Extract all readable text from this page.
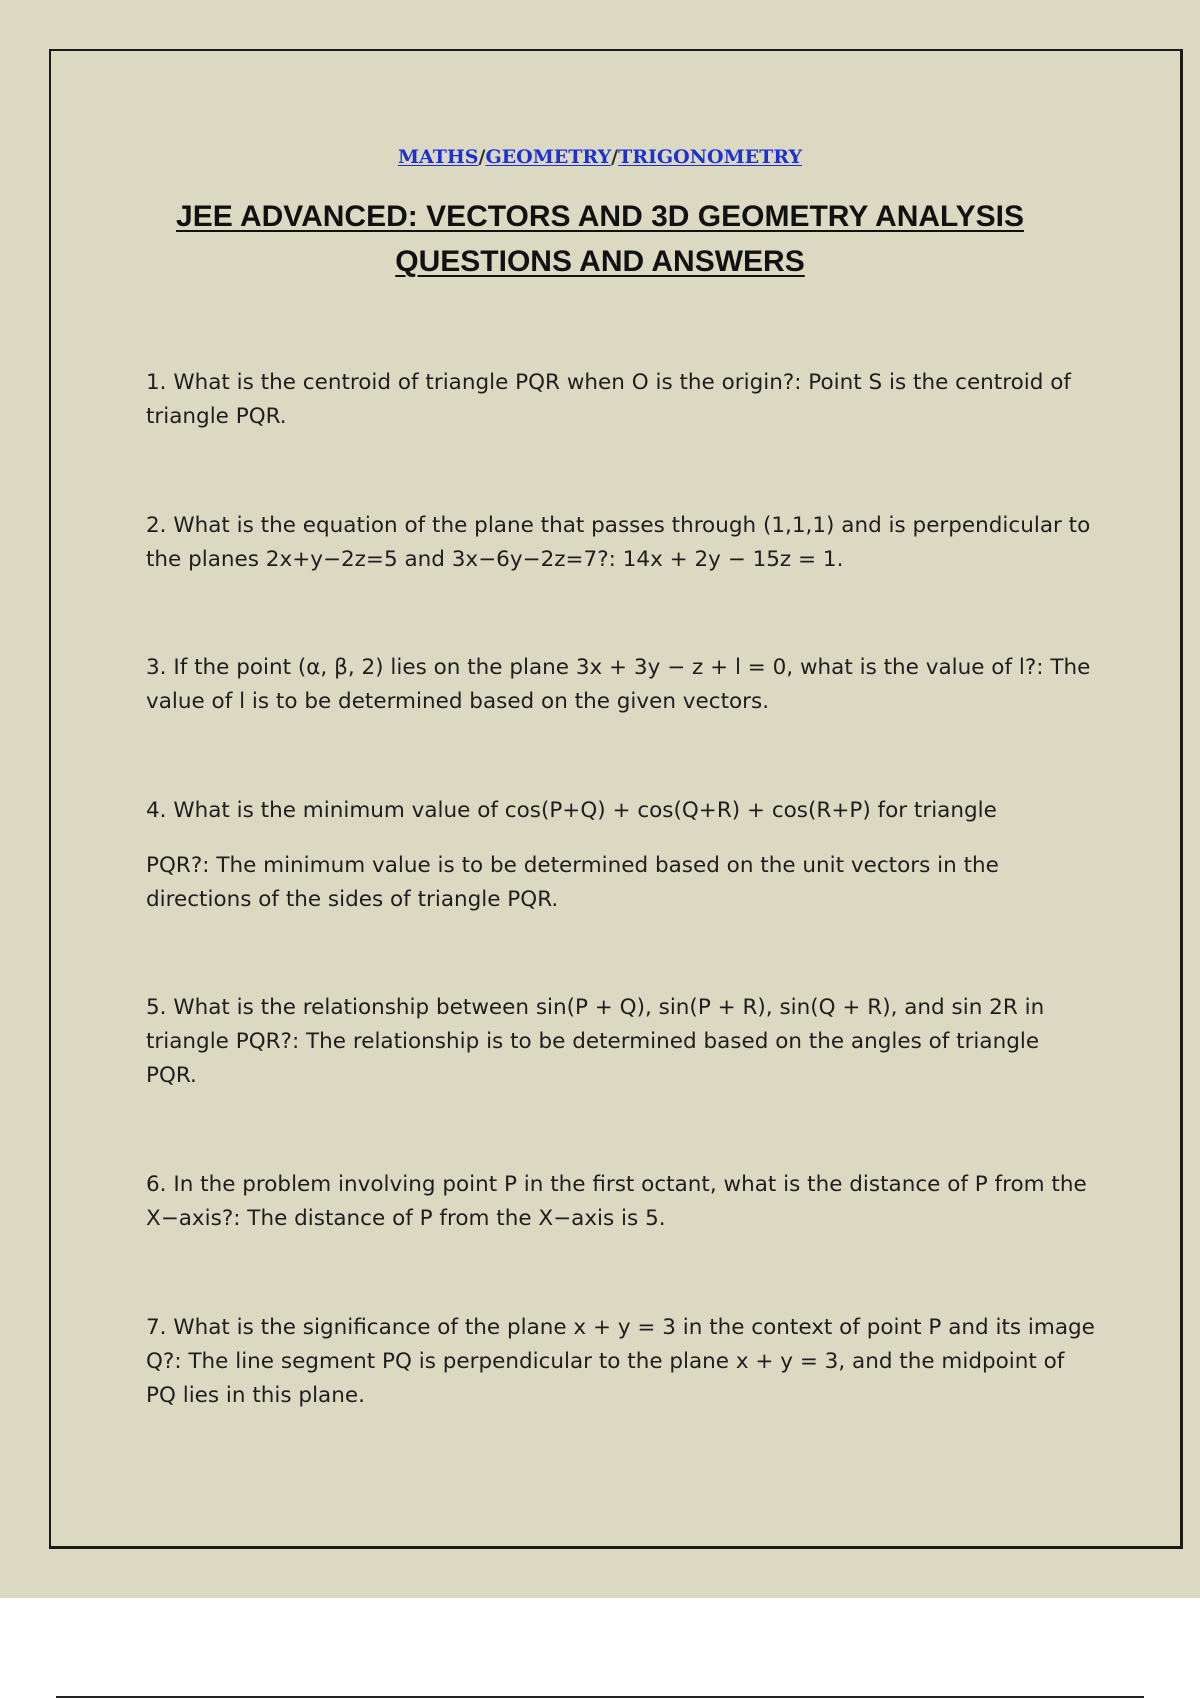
MATHS/GEOMETRY/TRIGONOMETRY
JEE ADVANCED: VECTORS AND 3D GEOMETRY ANALYSIS
QUESTIONS AND ANSWERS
1. What is the centroid of triangle PQR when O is the origin?: Point S is the centroid of triangle PQR.
2. What is the equation of the plane that passes through (1,1,1) and is perpendicular to the planes 2x+y−2z=5 and 3x−6y−2z=7?: 14x + 2y − 15z = 1.
3. If the point (α, β, 2) lies on the plane 3x + 3y − z + l = 0, what is the value of l?: The value of l is to be determined based on the given vectors.
4. What is the minimum value of cos(P+Q) + cos(Q+R) + cos(R+P) for triangle
PQR?: The minimum value is to be determined based on the unit vectors in the directions of the sides of triangle PQR.
5. What is the relationship between sin(P + Q), sin(P + R), sin(Q + R), and sin 2R in triangle PQR?: The relationship is to be determined based on the angles of triangle PQR.
6. In the problem involving point P in the first octant, what is the distance of P from the X−axis?: The distance of P from the X−axis is 5.
7. What is the significance of the plane x + y = 3 in the context of point P and its image Q?: The line segment PQ is perpendicular to the plane x + y = 3, and the midpoint of PQ lies in this plane.
